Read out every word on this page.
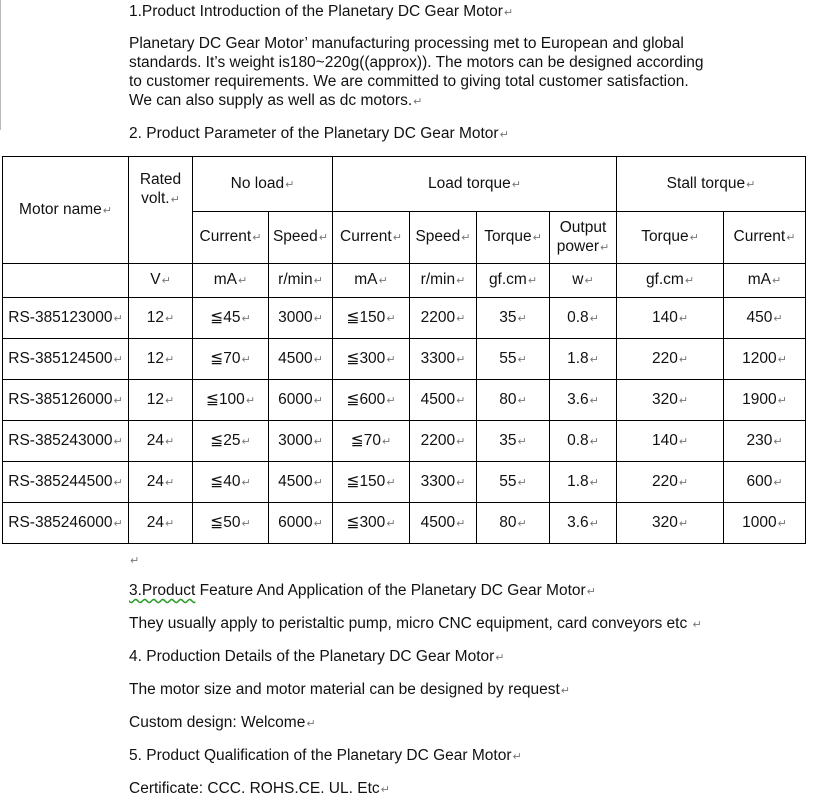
1.Product Introduction of the Planetary DC Gear Motor↵
Planetary DC Gear Motor’ manufacturing processing met to European and global
standards. It’s weight is180~220g((approx)). The motors can be designed according
to customer requirements. We are committed to giving total customer satisfaction.
We can also supply as well as dc motors.↵
2. Product Parameter of the Planetary DC Gear Motor↵
Motor name↵	Rated volt.↵	No load↵		Load torque↵				Stall torque↵	
		Current↵	Speed↵	Current↵	Speed↵	Torque↵	Output power↵	Torque↵	Current↵
	V↵	mA↵	r/min↵	mA↵	r/min↵	gf.cm↵	w↵	gf.cm↵	mA↵
RS-385123000↵	12↵	≦45↵	3000↵	≦150↵	2200↵	35↵	0.8↵	140↵	450↵
RS-385124500↵	12↵	≦70↵	4500↵	≦300↵	3300↵	55↵	1.8↵	220↵	1200↵
RS-385126000↵	12↵	≦100↵	6000↵	≦600↵	4500↵	80↵	3.6↵	320↵	1900↵
RS-385243000↵	24↵	≦25↵	3000↵	≦70↵	2200↵	35↵	0.8↵	140↵	230↵
RS-385244500↵	24↵	≦40↵	4500↵	≦150↵	3300↵	55↵	1.8↵	220↵	600↵
RS-385246000↵	24↵	≦50↵	6000↵	≦300↵	4500↵	80↵	3.6↵	320↵	1000↵
↵
3.Product Feature And Application of the Planetary DC Gear Motor↵
They usually apply to peristaltic pump, micro CNC equipment, card conveyors etc ↵
4. Production Details of the Planetary DC Gear Motor↵
The motor size and motor material can be designed by request↵
Custom design: Welcome↵
5. Product Qualification of the Planetary DC Gear Motor↵
Certificate: CCC. ROHS.CE. UL. Etc↵
